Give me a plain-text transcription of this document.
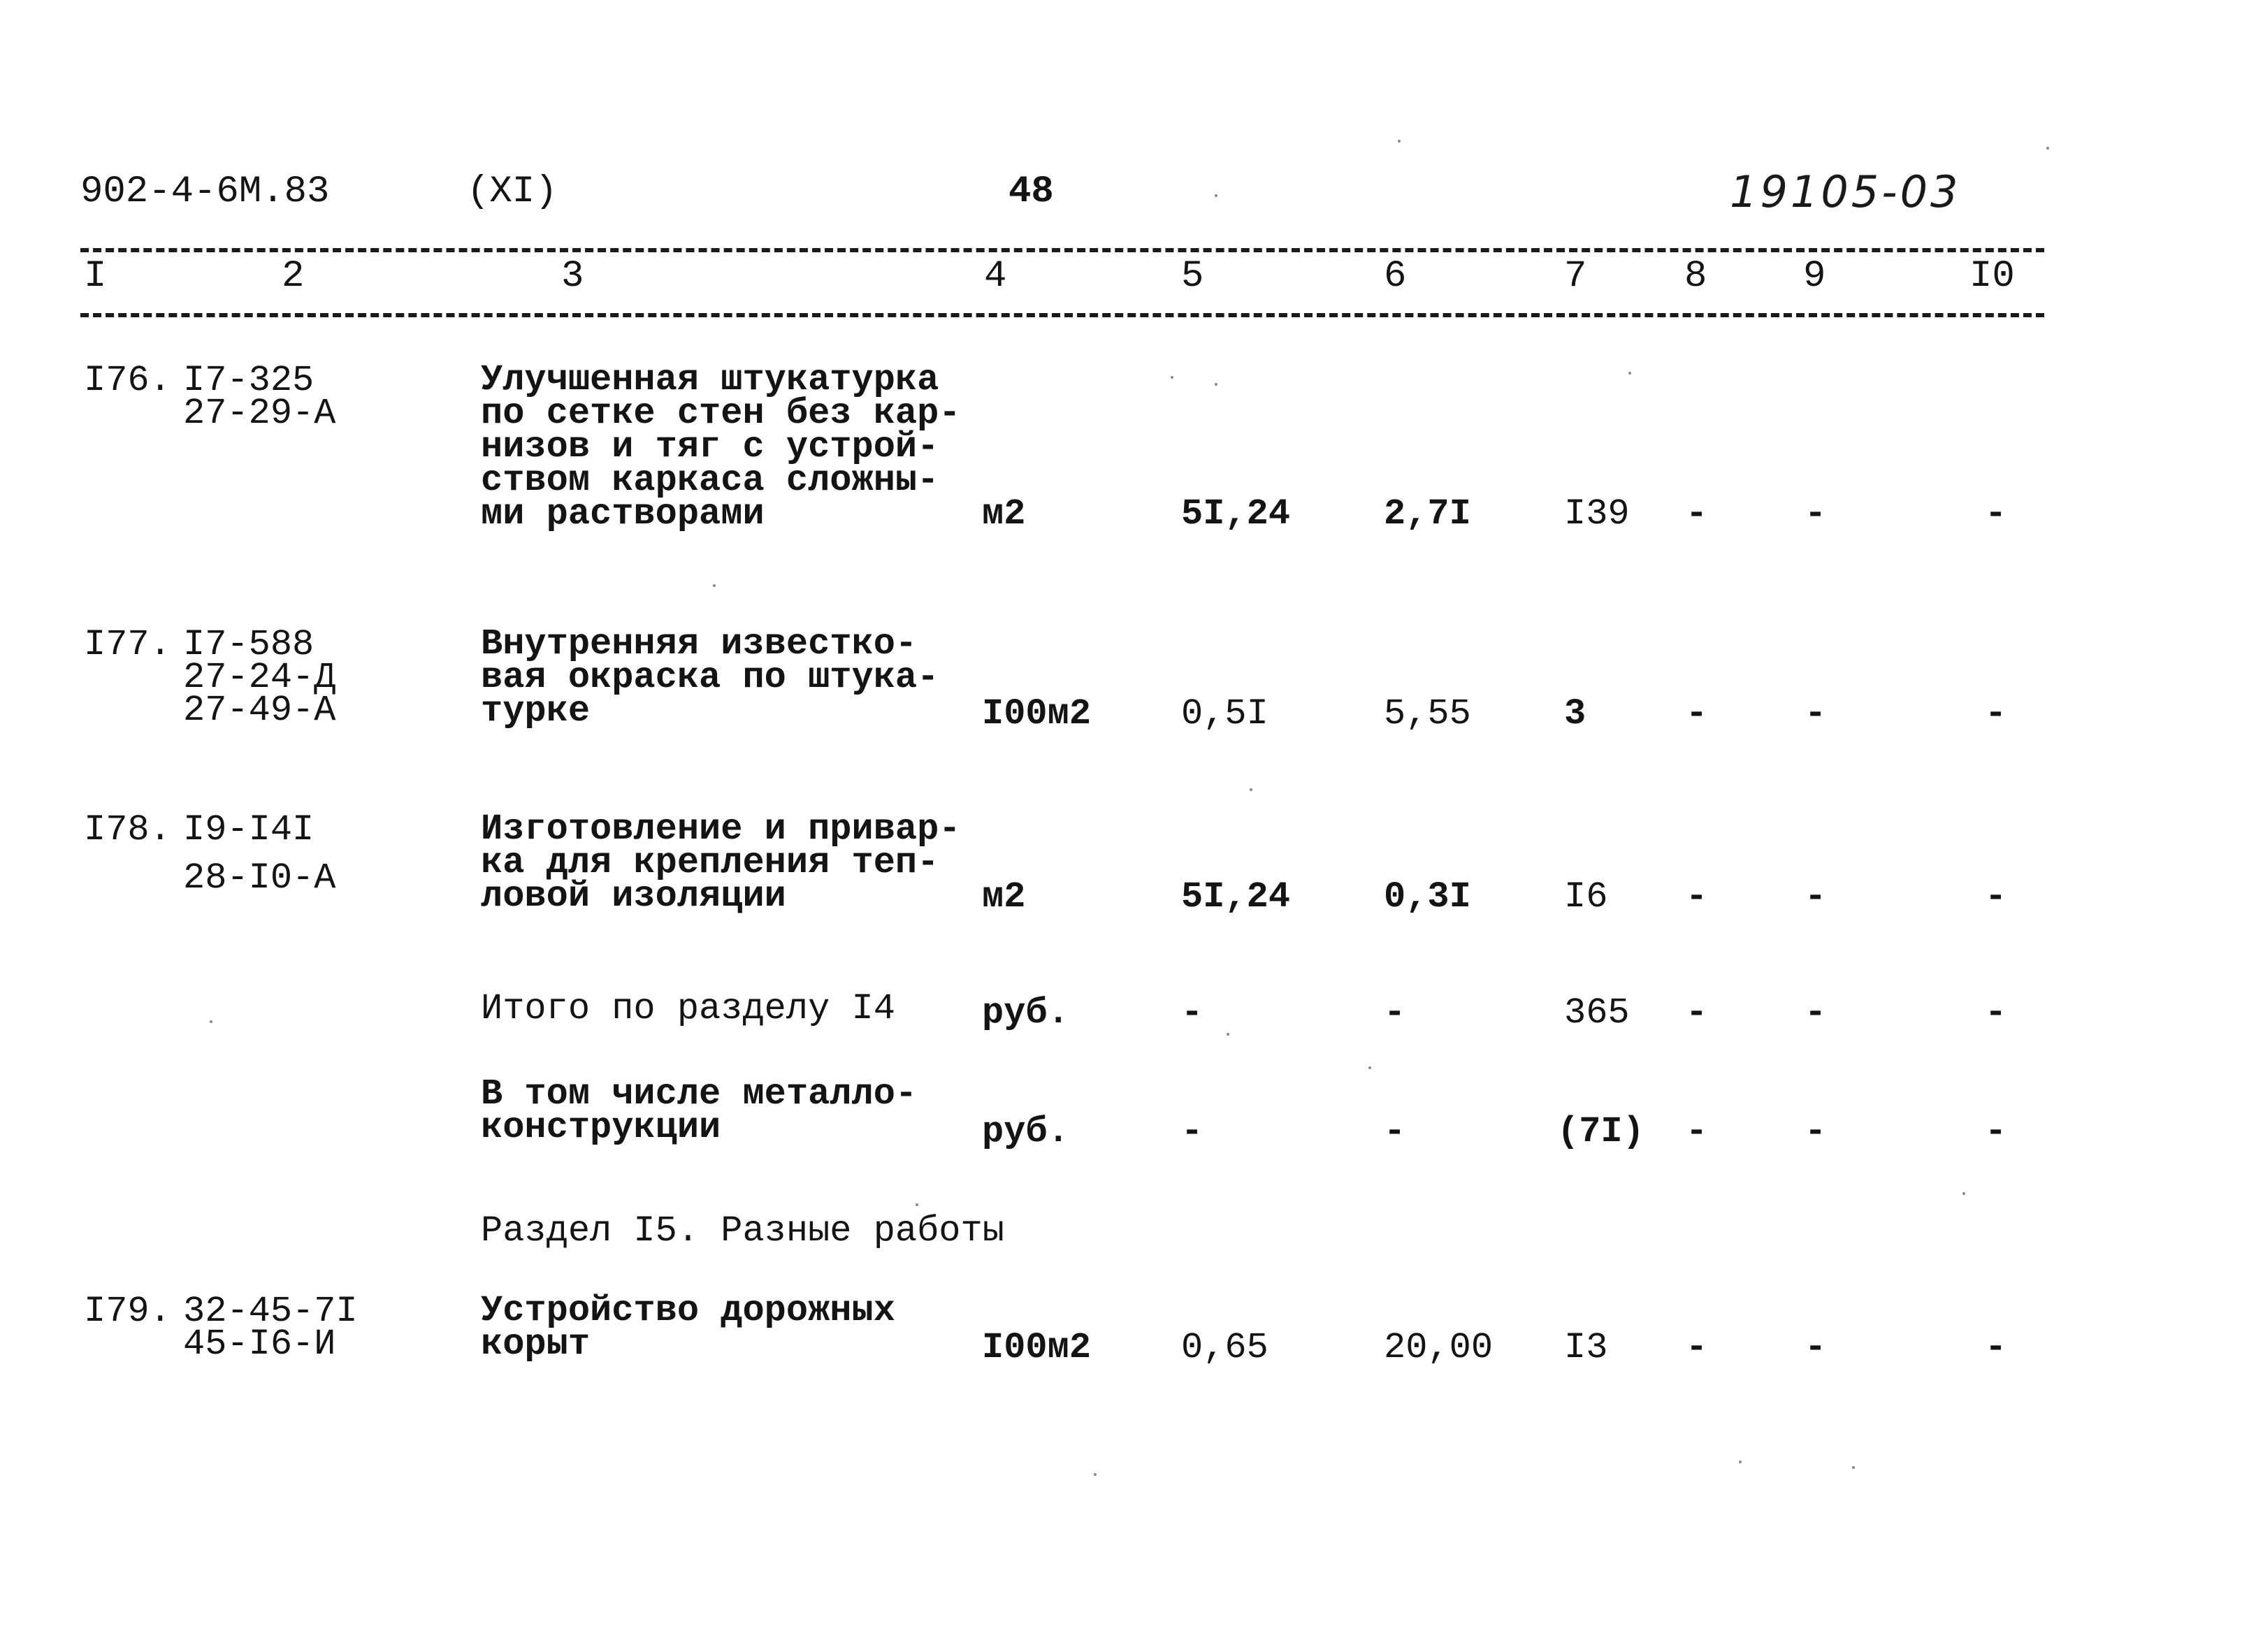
902-4-6М.83	(XI)	48	19105-03
I	2	3	4	5	6	7	8	9	I0
I76. I7-325
27-29-А
Улучшенная штукатурка
по сетке стен без кар-
низов и тяг с устрой-
ством каркаса сложны-
ми растворами	м2	5I,24	2,7I	I39 -	-	-
I77. I7-588
27-24-Д
27-49-А
Внутренняя известко-
вая окраска по штука-
турке	I00м2 0,5I	5,55	3	-	-	-
I78. I9-I4I
28-I0-А
Изготовление и привар-
ка для крепления теп-
ловой изоляции	м2	5I,24	0,3I	I6 -	-	-
Итого по разделу I4 руб.	-	-	365 -	-	-
В том числе металло-
конструкции	руб.	-	-	(7I) -	-	-
Раздел I5. Разные работы
I79. 32-45-7I
45-I6-И
Устройство дорожных
корыт	I00м2 0,65	20,00 I3 -	-	-
